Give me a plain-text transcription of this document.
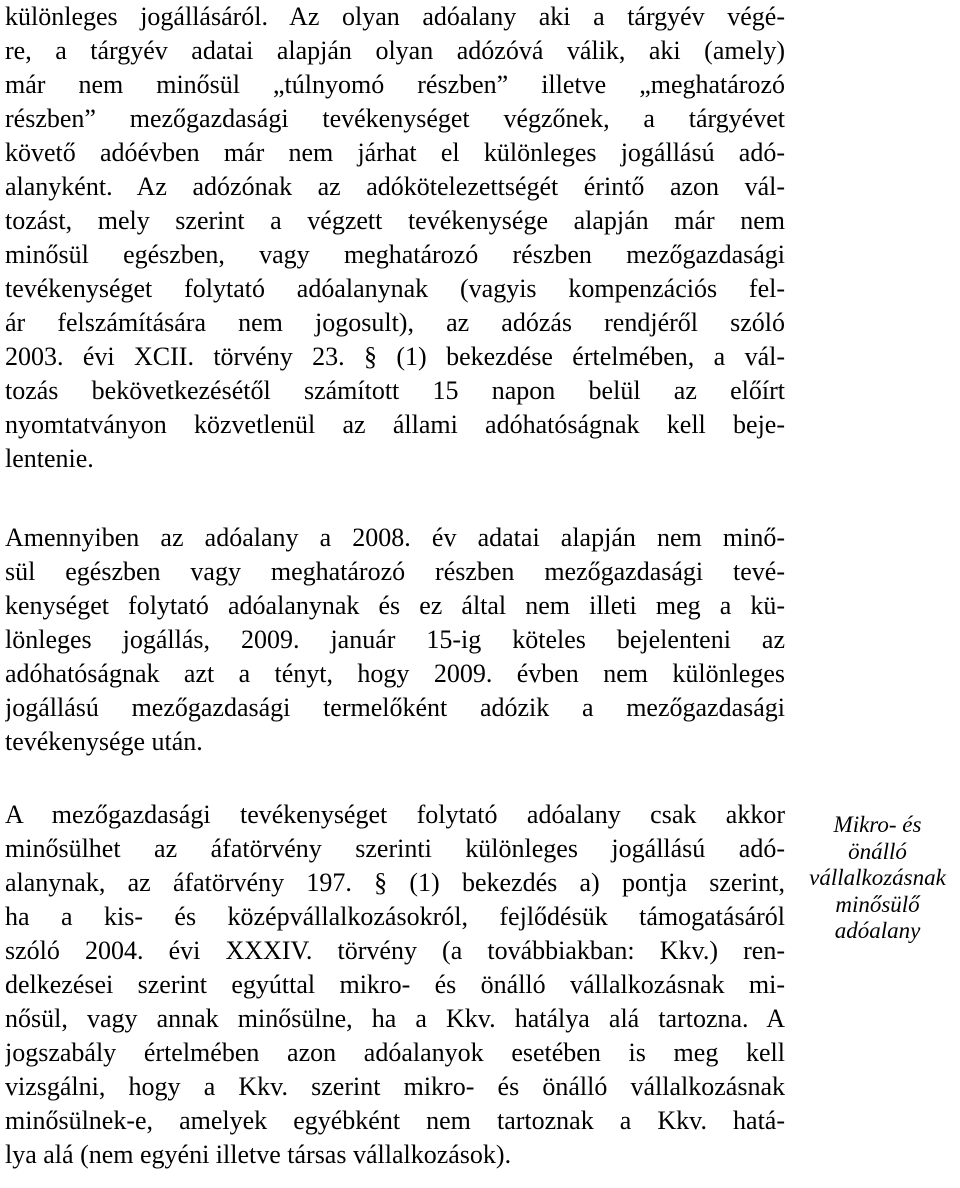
különleges jogállásáról. Az olyan adóalany aki a tárgyév végé-
re, a tárgyév adatai alapján olyan adózóvá válik, aki (amely)
már nem minősül „túlnyomó részben” illetve „meghatározó
részben” mezőgazdasági tevékenységet végzőnek, a tárgyévet
követő adóévben már nem járhat el különleges jogállású adó-
alanyként. Az adózónak az adókötelezettségét érintő azon vál-
tozást, mely szerint a végzett tevékenysége alapján már nem
minősül egészben, vagy meghatározó részben mezőgazdasági
tevékenységet folytató adóalanynak (vagyis kompenzációs fel-
ár felszámítására nem jogosult), az adózás rendjéről szóló
2003. évi XCII. törvény 23. § (1) bekezdése értelmében, a vál-
tozás bekövetkezésétől számított 15 napon belül az előírt
nyomtatványon közvetlenül az állami adóhatóságnak kell beje-
lentenie.
Amennyiben az adóalany a 2008. év adatai alapján nem minő-
sül egészben vagy meghatározó részben mezőgazdasági tevé-
kenységet folytató adóalanynak és ez által nem illeti meg a kü-
lönleges jogállás, 2009. január 15-ig köteles bejelenteni az
adóhatóságnak azt a tényt, hogy 2009. évben nem különleges
jogállású mezőgazdasági termelőként adózik a mezőgazdasági
tevékenysége után.
A mezőgazdasági tevékenységet folytató adóalany csak akkor
minősülhet az áfatörvény szerinti különleges jogállású adó-
alanynak, az áfatörvény 197. § (1) bekezdés a) pontja szerint,
ha a kis- és középvállalkozásokról, fejlődésük támogatásáról
szóló 2004. évi XXXIV. törvény (a továbbiakban: Kkv.) ren-
delkezései szerint egyúttal mikro- és önálló vállalkozásnak mi-
nősül, vagy annak minősülne, ha a Kkv. hatálya alá tartozna. A
jogszabály értelmében azon adóalanyok esetében is meg kell
vizsgálni, hogy a Kkv. szerint mikro- és önálló vállalkozásnak
minősülnek-e, amelyek egyébként nem tartoznak a Kkv. hatá-
lya alá (nem egyéni illetve társas vállalkozások).
Mikro- és
önálló
vállalkozásnak
minősülő
adóalany
